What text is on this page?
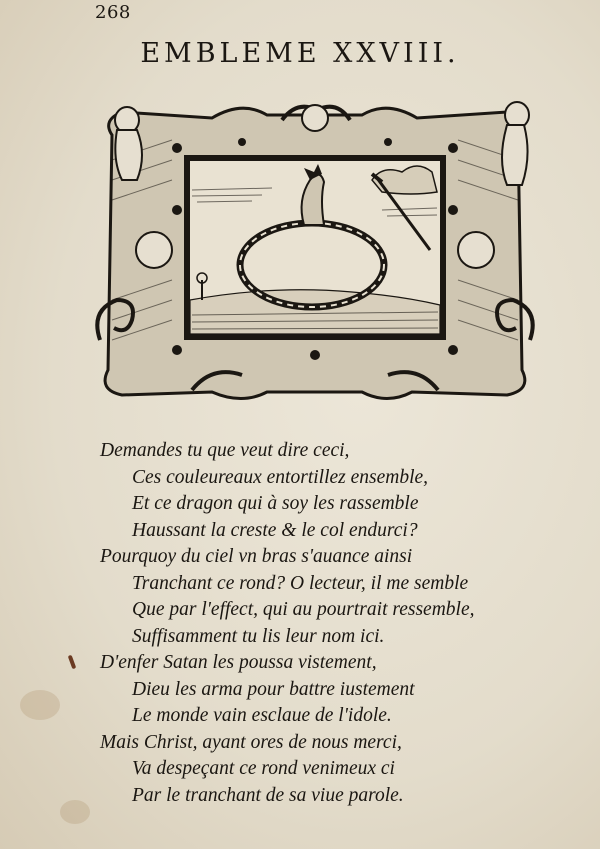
268
EMBLEME XXVIII.
Demandes tu que veut dire ceci,
Ces couleureaux entortillez ensemble,
Et ce dragon qui à soy les rassemble
Haussant la creste & le col endurci?
Pourquoy du ciel vn bras s'auance ainsi
Tranchant ce rond? O lecteur, il me semble
Que par l'effect, qui au pourtrait ressemble,
Suffisamment tu lis leur nom ici.
D'enfer Satan les poussa vistement,
Dieu les arma pour battre iustement
Le monde vain esclaue de l'idole.
Mais Christ, ayant ores de nous merci,
Va despeçant ce rond venimeux ci
Par le tranchant de sa viue parole.
